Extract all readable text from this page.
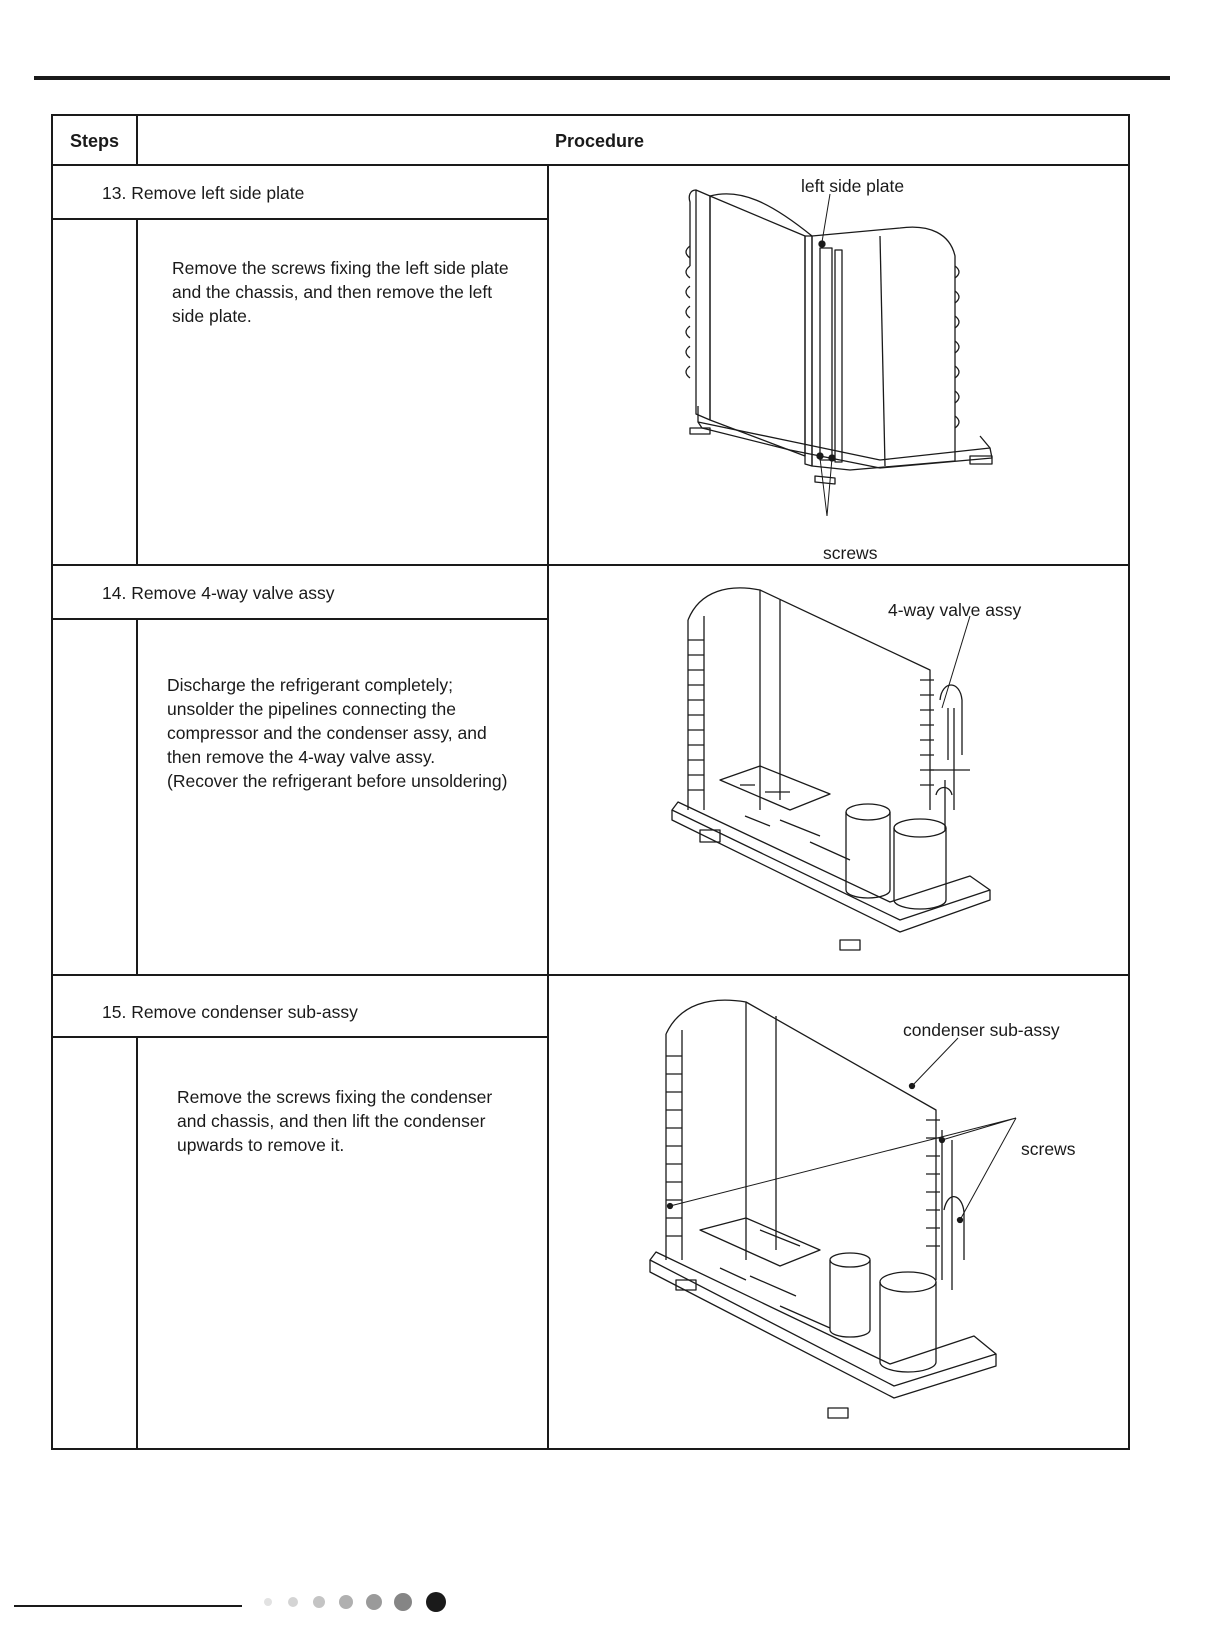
Steps	Procedure
13. Remove left side plate
Remove the screws fixing the left side plate
and the chassis, and then remove the left
side plate.
left side plate
screws
14. Remove 4-way valve assy
Discharge the refrigerant completely;
unsolder the pipelines connecting the
compressor and the condenser assy, and
then remove the 4-way valve assy.
(Recover the refrigerant before unsoldering)
4-way valve assy
15. Remove condenser sub-assy
Remove the screws fixing the condenser
and chassis, and then lift the condenser
upwards to remove it.
condenser sub-assy
screws
